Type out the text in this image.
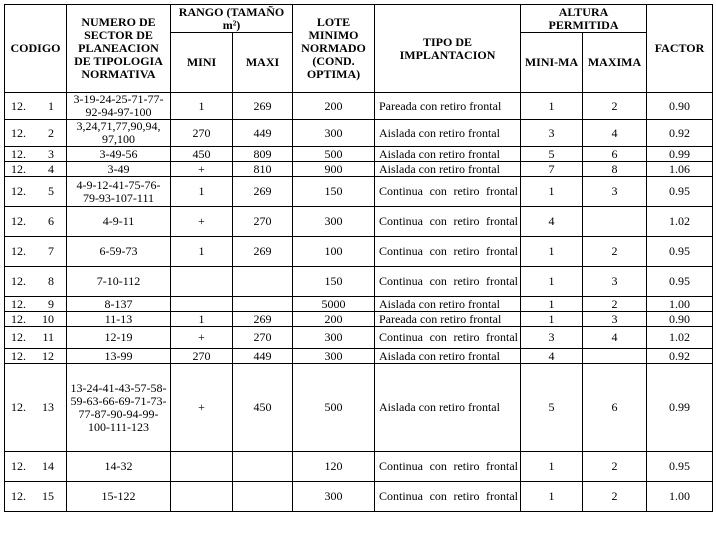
CODIGO	NUMERO DE SECTOR DE PLANEACION DE TIPOLOGIA NORMATIVA	RANGO (TAMAÑO m²)		LOTE MINIMO NORMADO (COND. OPTIMA)	TIPO DE IMPLANTACION	ALTURA PERMITIDA		FACTOR
		MINI	MAXI			MINI-MA	MAXIMA	
12. 1	3-19-24-25-71-77-92-94-97-100	1	269	200	Pareada con retiro frontal	1	2	0.90
12. 2	3,24,71,77,90,94, 97,100	270	449	300	Aislada con retiro frontal	3	4	0.92
12. 3	3-49-56	450	809	500	Aislada con retiro frontal	5	6	0.99
12. 4	3-49	+	810	900	Aislada con retiro frontal	7	8	1.06
12. 5	4-9-12-41-75-76-79-93-107-111	1	269	150	Continua con retiro frontal	1	3	0.95
12. 6	4-9-11	+	270	300	Continua con retiro frontal	4		1.02
12. 7	6-59-73	1	269	100	Continua con retiro frontal	1	2	0.95
12. 8	7-10-112			150	Continua con retiro frontal	1	3	0.95
12. 9	8-137			5000	Aislada con retiro frontal	1	2	1.00
12. 10	11-13	1	269	200	Pareada con retiro frontal	1	3	0.90
12. 11	12-19	+	270	300	Continua con retiro frontal	3	4	1.02
12. 12	13-99	270	449	300	Aislada con retiro frontal	4		0.92
12. 13	13-24-41-43-57-58-59-63-66-69-71-73-77-87-90-94-99-100-111-123	+	450	500	Aislada con retiro frontal	5	6	0.99
12. 14	14-32			120	Continua con retiro frontal	1	2	0.95
12. 15	15-122			300	Continua con retiro frontal	1	2	1.00
